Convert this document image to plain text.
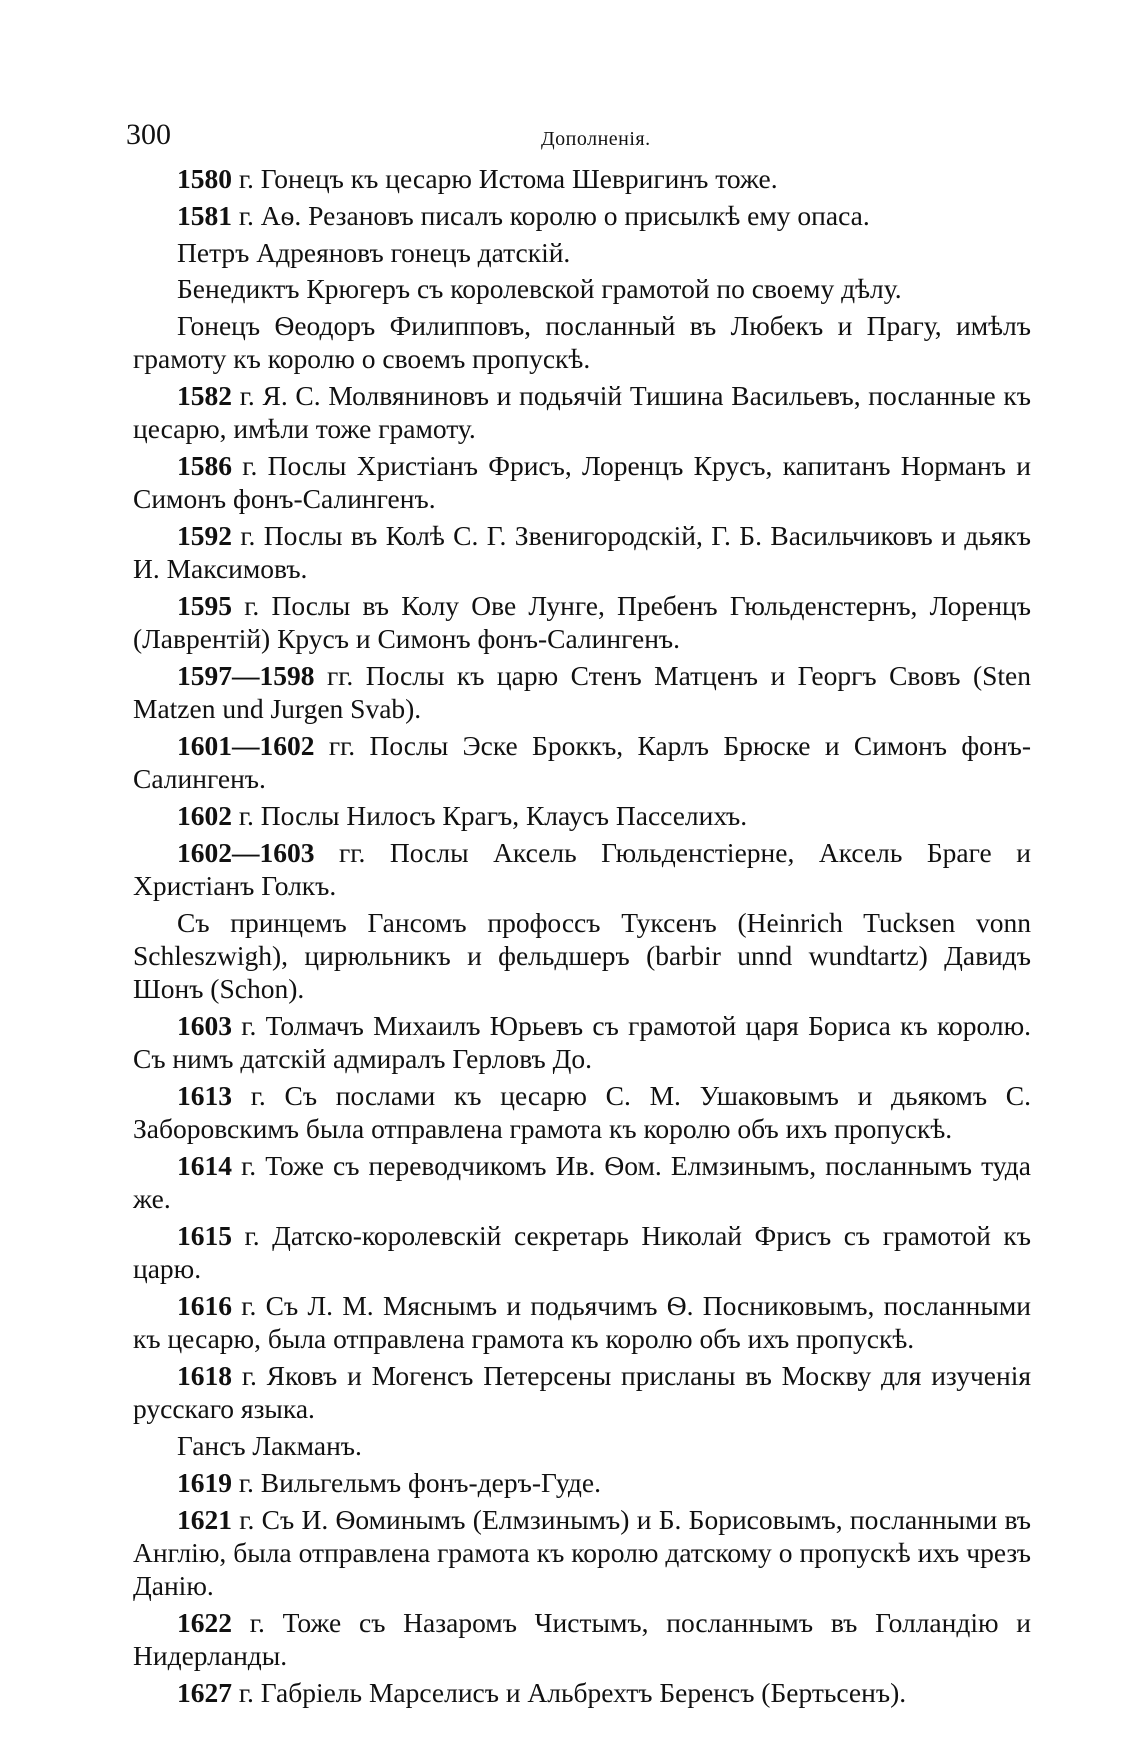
300	Дополненія.

1580 г. Гонецъ къ цесарю Истома Шевригинъ тоже.

1581 г. Аѳ. Резановъ писалъ королю о присылкѣ ему опаса.

Петръ Адреяновъ гонецъ датскій.

Бенедиктъ Крюгеръ съ королевской грамотой по своему дѣлу.

Гонецъ Ѳеодоръ Филипповъ, посланный въ Любекъ и Прагу, имѣлъ грамоту къ королю о своемъ пропускѣ.

1582 г. Я. С. Молвяниновъ и подьячій Тишина Васильевъ, посланные къ цесарю, имѣли тоже грамоту.

1586 г. Послы Христіанъ Фрисъ, Лоренцъ Крусъ, капитанъ Норманъ и Симонъ фонъ-Салингенъ.

1592 г. Послы въ Колѣ С. Г. Звенигородскій, Г. Б. Васильчиковъ и дьякъ И. Максимовъ.

1595 г. Послы въ Колу Ове Лунге, Пребенъ Гюльденстернъ, Лоренцъ (Лаврентій) Крусъ и Симонъ фонъ-Салингенъ.

1597—1598 гг. Послы къ царю Стенъ Матценъ и Георгъ Свовъ (Sten Matzen und Jurgen Svab).

1601—1602 гг. Послы Эске Броккъ, Карлъ Брюске и Симонъ фонъ-Салингенъ.

1602 г. Послы Нилосъ Крагъ, Клаусъ Пасселихъ.

1602—1603 гг. Послы Аксель Гюльденстіерне, Аксель Браге и Христіанъ Голкъ.

Съ принцемъ Гансомъ профоссъ Туксенъ (Heinrich Tucksen vonn Schleszwigh), цирюльникъ и фельдшеръ (barbir unnd wundtartz) Давидъ Шонъ (Schon).

1603 г. Толмачъ Михаилъ Юрьевъ съ грамотой царя Бориса къ королю. Съ нимъ датскій адмиралъ Герловъ До.

1613 г. Съ послами къ цесарю С. М. Ушаковымъ и дьякомъ С. Заборовскимъ была отправлена грамота къ королю объ ихъ пропускѣ.

1614 г. Тоже съ переводчикомъ Ив. Ѳом. Елмзинымъ, посланнымъ туда же.

1615 г. Датско-королевскій секретарь Николай Фрисъ съ грамотой къ царю.

1616 г. Съ Л. М. Мяснымъ и подьячимъ Ѳ. Посниковымъ, посланными къ цесарю, была отправлена грамота къ королю объ ихъ пропускѣ.

1618 г. Яковъ и Могенсъ Петерсены присланы въ Москву для изученія русскаго языка.

Гансъ Лакманъ.

1619 г. Вильгельмъ фонъ-деръ-Гуде.

1621 г. Съ И. Ѳоминымъ (Елмзинымъ) и Б. Борисовымъ, посланными въ Англію, была отправлена грамота къ королю датскому о пропускѣ ихъ чрезъ Данію.

1622 г. Тоже съ Назаромъ Чистымъ, посланнымъ въ Голландію и Нидерланды.

1627 г. Габріель Марселисъ и Альбрехтъ Беренсъ (Бертьсенъ).
